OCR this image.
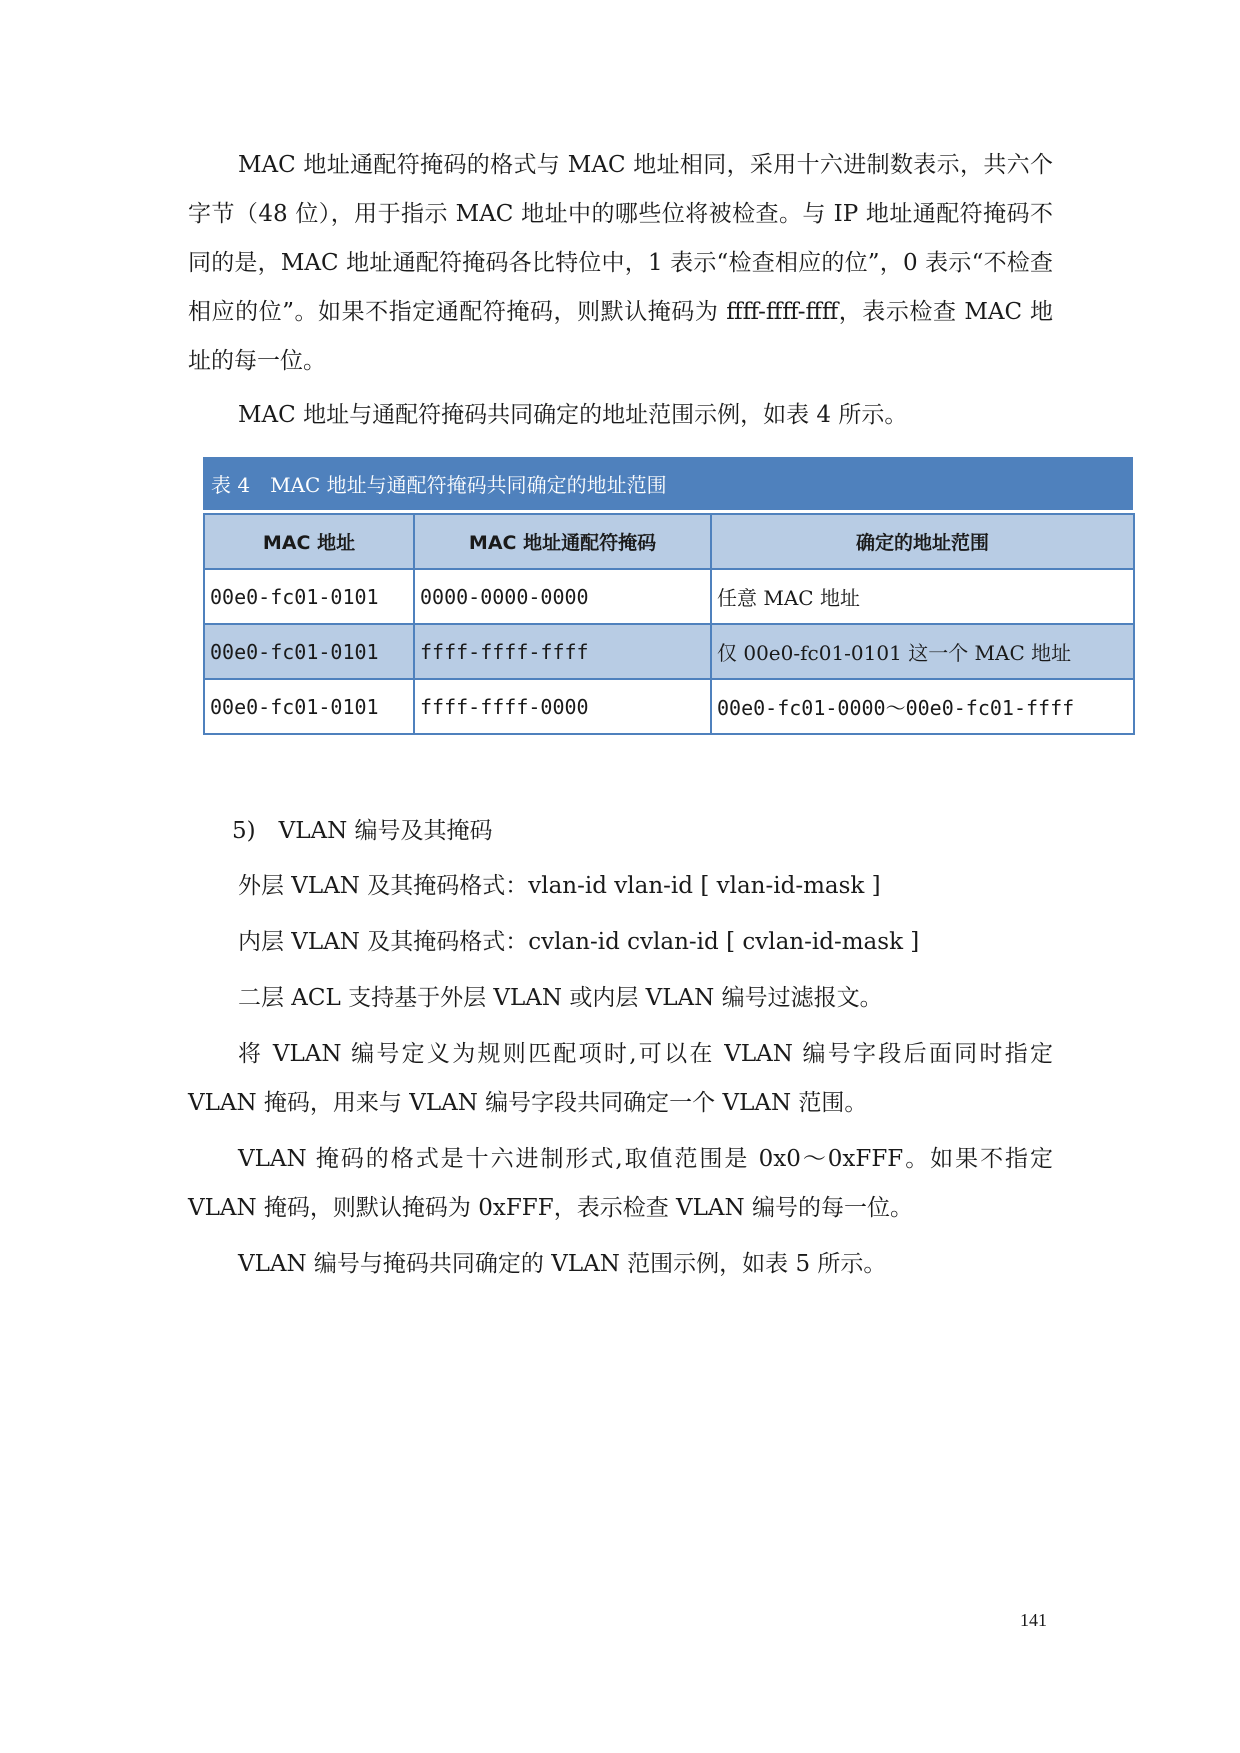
MAC 地址通配符掩码的格式与 MAC 地址相同，采用十六进制数表示，共六个字节（48 位），用于指示 MAC 地址中的哪些位将被检查。与 IP 地址通配符掩码不同的是，MAC 地址通配符掩码各比特位中，1 表示“检查相应的位”，0 表示“不检查相应的位”。如果不指定通配符掩码，则默认掩码为 ffff-ffff-ffff，表示检查 MAC 地址的每一位。

MAC 地址与通配符掩码共同确定的地址范围示例，如表 4 所示。

表 4　MAC 地址与通配符掩码共同确定的地址范围
MAC 地址	MAC 地址通配符掩码	确定的地址范围
00e0-fc01-0101	0000-0000-0000	任意 MAC 地址
00e0-fc01-0101	ffff-ffff-ffff	仅 00e0-fc01-0101 这一个 MAC 地址
00e0-fc01-0101	ffff-ffff-0000	00e0-fc01-0000～00e0-fc01-ffff

5)　VLAN 编号及其掩码

外层 VLAN 及其掩码格式：vlan-id vlan-id [ vlan-id-mask ]

内层 VLAN 及其掩码格式：cvlan-id cvlan-id [ cvlan-id-mask ]

二层 ACL 支持基于外层 VLAN 或内层 VLAN 编号过滤报文。

将 VLAN 编号定义为规则匹配项时,可以在 VLAN 编号字段后面同时指定 VLAN 掩码，用来与 VLAN 编号字段共同确定一个 VLAN 范围。

VLAN 掩码的格式是十六进制形式,取值范围是 0x0～0xFFF。如果不指定 VLAN 掩码，则默认掩码为 0xFFF，表示检查 VLAN 编号的每一位。

VLAN 编号与掩码共同确定的 VLAN 范围示例，如表 5 所示。

141
